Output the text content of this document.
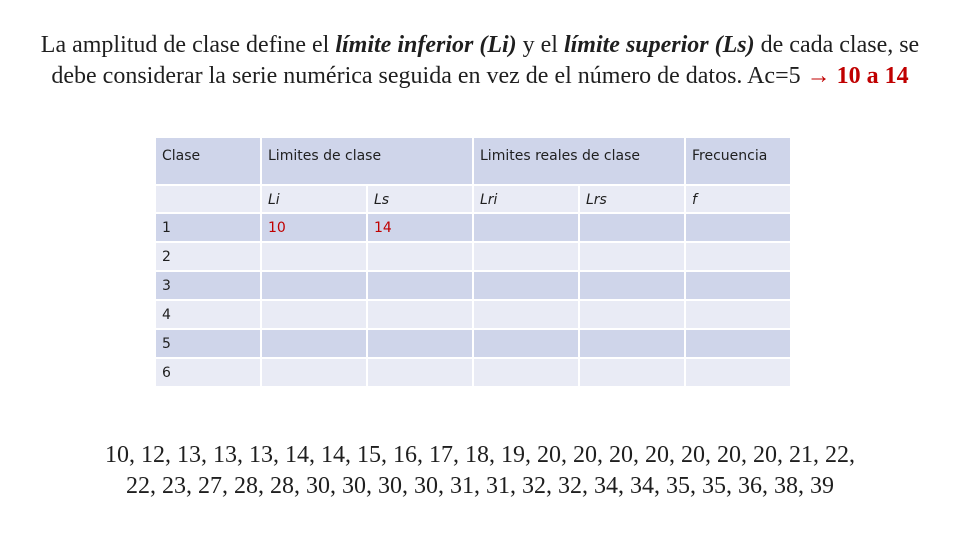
La amplitud de clase define el límite inferior (Li) y el límite superior (Ls) de cada clase, se debe considerar la serie numérica seguida en vez de el número de datos. Ac=5 → 10 a 14
Clase	Limites de clase		Limites reales de clase		Frecuencia
	Li	Ls	Lri	Lrs	f
1	10	14			
2					
3					
4					
5					
6					
10, 12, 13, 13, 13, 14, 14, 15, 16, 17, 18, 19, 20, 20, 20, 20, 20, 20, 20, 21, 22,
22, 23, 27, 28, 28, 30, 30, 30, 30, 31, 31, 32, 32, 34, 34, 35, 35, 36, 38, 39
